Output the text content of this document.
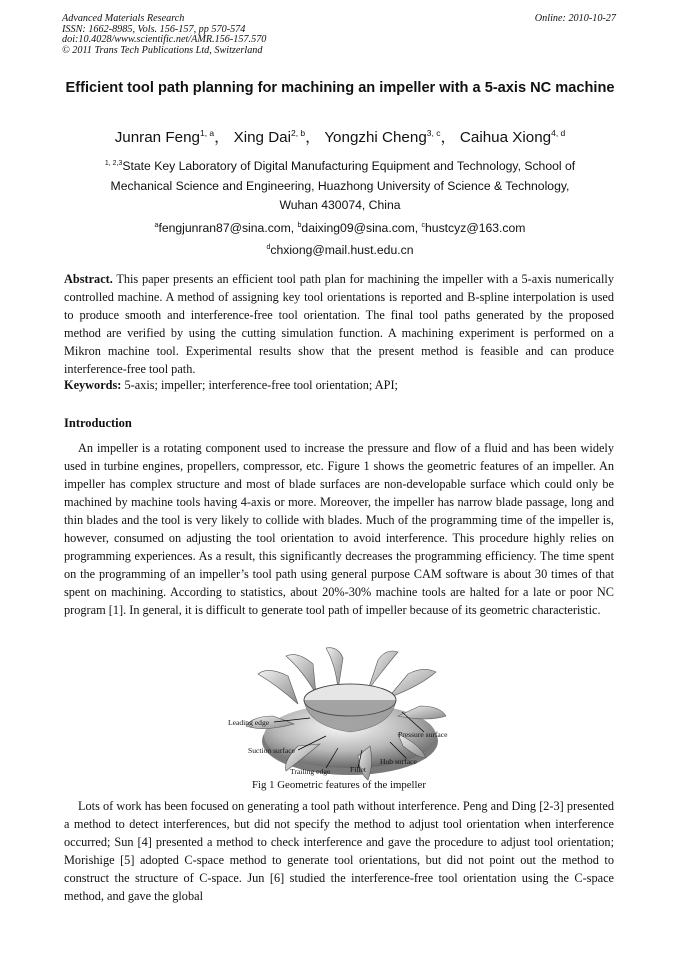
Advanced Materials Research
ISSN: 1662-8985, Vols. 156-157, pp 570-574
doi:10.4028/www.scientific.net/AMR.156-157.570
© 2011 Trans Tech Publications Ltd, Switzerland
Online: 2010-10-27
Efficient tool path planning for machining an impeller with a 5-axis NC machine
Junran Feng$^{1, a}$， Xing Dai$^{2, b}$， Yongzhi Cheng$^{3, c}$， Caihua Xiong$^{4, d}$
$^{1, 2,3}$State Key Laboratory of Digital Manufacturing Equipment and Technology, School of
Mechanical Science and Engineering, Huazhong University of Science & Technology,
Wuhan 430074, China
$^a$fengjunran87@sina.com, $^b$daixing09@sina.com, $^c$hustcyz@163.com
$^d$chxiong@mail.hust.edu.cn
Abstract. This paper presents an efficient tool path plan for machining the impeller with a 5-axis numerically controlled machine. A method of assigning key tool orientations is reported and B-spline interpolation is used to produce smooth and interference-free tool orientation. The final tool paths generated by the proposed method are verified by using the cutting simulation function. A machining experiment is performed on a Mikron machine tool. Experimental results show that the present method is feasible and can produce interference-free tool path.
Keywords: 5-axis; impeller; interference-free tool orientation; API;
Introduction
An impeller is a rotating component used to increase the pressure and flow of a fluid and has been widely used in turbine engines, propellers, compressor, etc. Figure 1 shows the geometric features of an impeller. An impeller has complex structure and most of blade surfaces are non-developable surface which could only be machined by machine tools having 4-axis or more. Moreover, the impeller has narrow blade passage, long and thin blades and the tool is very likely to collide with blades. Much of the programming time of the impeller is, however, consumed on adjusting the tool orientation to avoid interference. This procedure highly relies on programming experiences. As a result, this significantly decreases the programming efficiency. The time spent on the programming of an impeller’s tool path using general purpose CAM software is about 30 times of that spent on machining. According to statistics, about 20%-30% machine tools are halted for a late or poor NC program [1]. In general, it is difficult to generate tool path of impeller because of its geometric characteristic.
Leading edge
Pressure surface
Suction surface
Hub surface
Trailing edge	Fillet
Fig 1 Geometric features of the impeller
Lots of work has been focused on generating a tool path without interference. Peng and Ding [2-3] presented a method to detect interferences, but did not specify the method to adjust tool orientation when interference occurred; Sun [4] presented a method to check interference and gave the procedure to adjust tool orientation; Morishige [5] adopted C-space method to generate tool orientations, but did not point out the method to construct the structure of C-space. Jun [6] studied the interference-free tool orientation using the C-space method, and gave the global
